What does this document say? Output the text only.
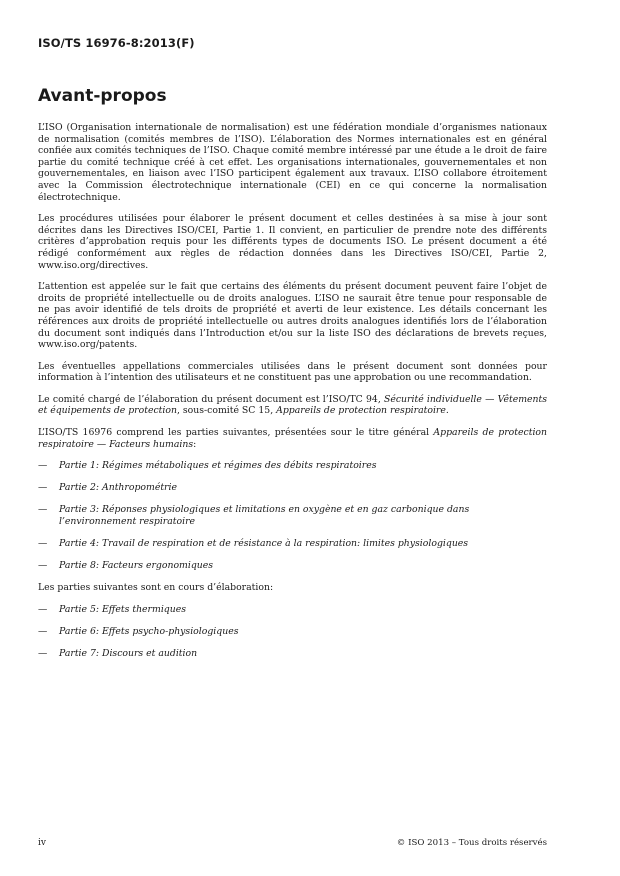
ISO/TS 16976-8:2013(F)
Avant-propos

L’ISO (Organisation internationale de normalisation) est une fédération mondiale d’organismes nationaux de normalisation (comités membres de l’ISO). L’élaboration des Normes internationales est en général confiée aux comités techniques de l’ISO. Chaque comité membre intéressé par une étude a le droit de faire partie du comité technique créé à cet effet. Les organisations internationales, gouvernementales et non gouvernementales, en liaison avec l’ISO participent également aux travaux. L’ISO collabore étroitement avec la Commission électrotechnique internationale (CEI) en ce qui concerne la normalisation électrotechnique.

Les procédures utilisées pour élaborer le présent document et celles destinées à sa mise à jour sont décrites dans les Directives ISO/CEI, Partie 1. Il convient, en particulier de prendre note des différents critères d’approbation requis pour les différents types de documents ISO. Le présent document a été rédigé conformément aux règles de rédaction données dans les Directives ISO/CEI, Partie 2, www.iso.org/directives.

L’attention est appelée sur le fait que certains des éléments du présent document peuvent faire l’objet de droits de propriété intellectuelle ou de droits analogues. L’ISO ne saurait être tenue pour responsable de ne pas avoir identifié de tels droits de propriété et averti de leur existence. Les détails concernant les références aux droits de propriété intellectuelle ou autres droits analogues identifiés lors de l’élaboration du document sont indiqués dans l’Introduction et/ou sur la liste ISO des déclarations de brevets reçues, www.iso.org/patents.

Les éventuelles appellations commerciales utilisées dans le présent document sont données pour information à l’intention des utilisateurs et ne constituent pas une approbation ou une recommandation.

Le comité chargé de l’élaboration du présent document est l’ISO/TC 94, Sécurité individuelle — Vêtements et équipements de protection, sous-comité SC 15, Appareils de protection respiratoire.

L’ISO/TS 16976 comprend les parties suivantes, présentées sour le titre général Appareils de protection respiratoire — Facteurs humains:

— Partie 1: Régimes métaboliques et régimes des débits respiratoires
— Partie 2: Anthropométrie
— Partie 3: Réponses physiologiques et limitations en oxygène et en gaz carbonique dans l’environnement respiratoire
— Partie 4: Travail de respiration et de résistance à la respiration: limites physiologiques
— Partie 8: Facteurs ergonomiques

Les parties suivantes sont en cours d’élaboration:

— Partie 5: Effets thermiques
— Partie 6: Effets psycho-physiologiques
— Partie 7: Discours et audition
iv	© ISO 2013 – Tous droits réservés
